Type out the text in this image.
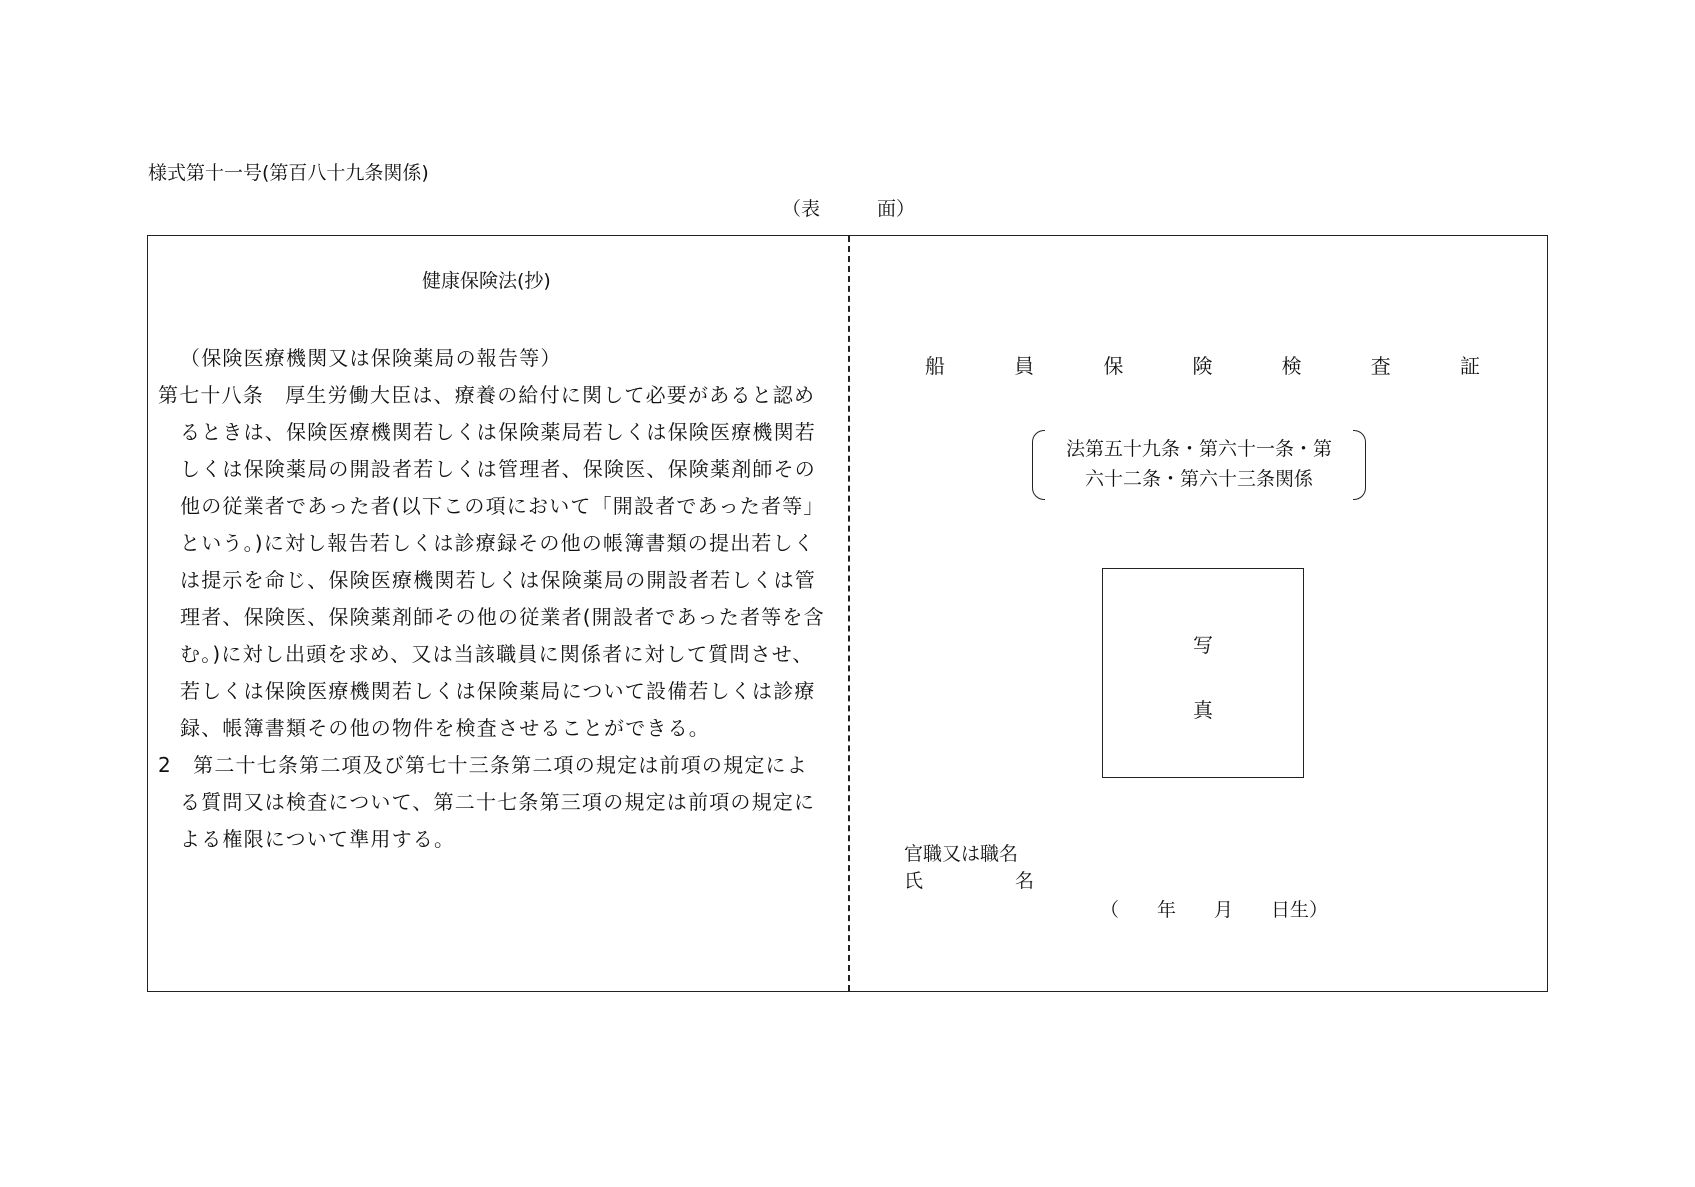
様式第十一号(第百八十九条関係)
（表　　　面）
健康保険法(抄)
（保険医療機関又は保険薬局の報告等）
第七十八条　厚生労働大臣は、療養の給付に関して必要があると認め
るときは、保険医療機関若しくは保険薬局若しくは保険医療機関若
しくは保険薬局の開設者若しくは管理者、保険医、保険薬剤師その
他の従業者であった者(以下この項において「開設者であった者等」
という。)に対し報告若しくは診療録その他の帳簿書類の提出若しく
は提示を命じ、保険医療機関若しくは保険薬局の開設者若しくは管
理者、保険医、保険薬剤師その他の従業者(開設者であった者等を含
む。)に対し出頭を求め、又は当該職員に関係者に対して質問させ、
若しくは保険医療機関若しくは保険薬局について設備若しくは診療
録、帳簿書類その他の物件を検査させることができる。
2　第二十七条第二項及び第七十三条第二項の規定は前項の規定によ
る質問又は検査について、第二十七条第三項の規定は前項の規定に
よる権限について準用する。
船	員	保	険	検	査	証
法第五十九条・第六十一条・第
六十二条・第六十三条関係
写
真
官職又は職名
氏	名
（　　年　　月　　日生）
